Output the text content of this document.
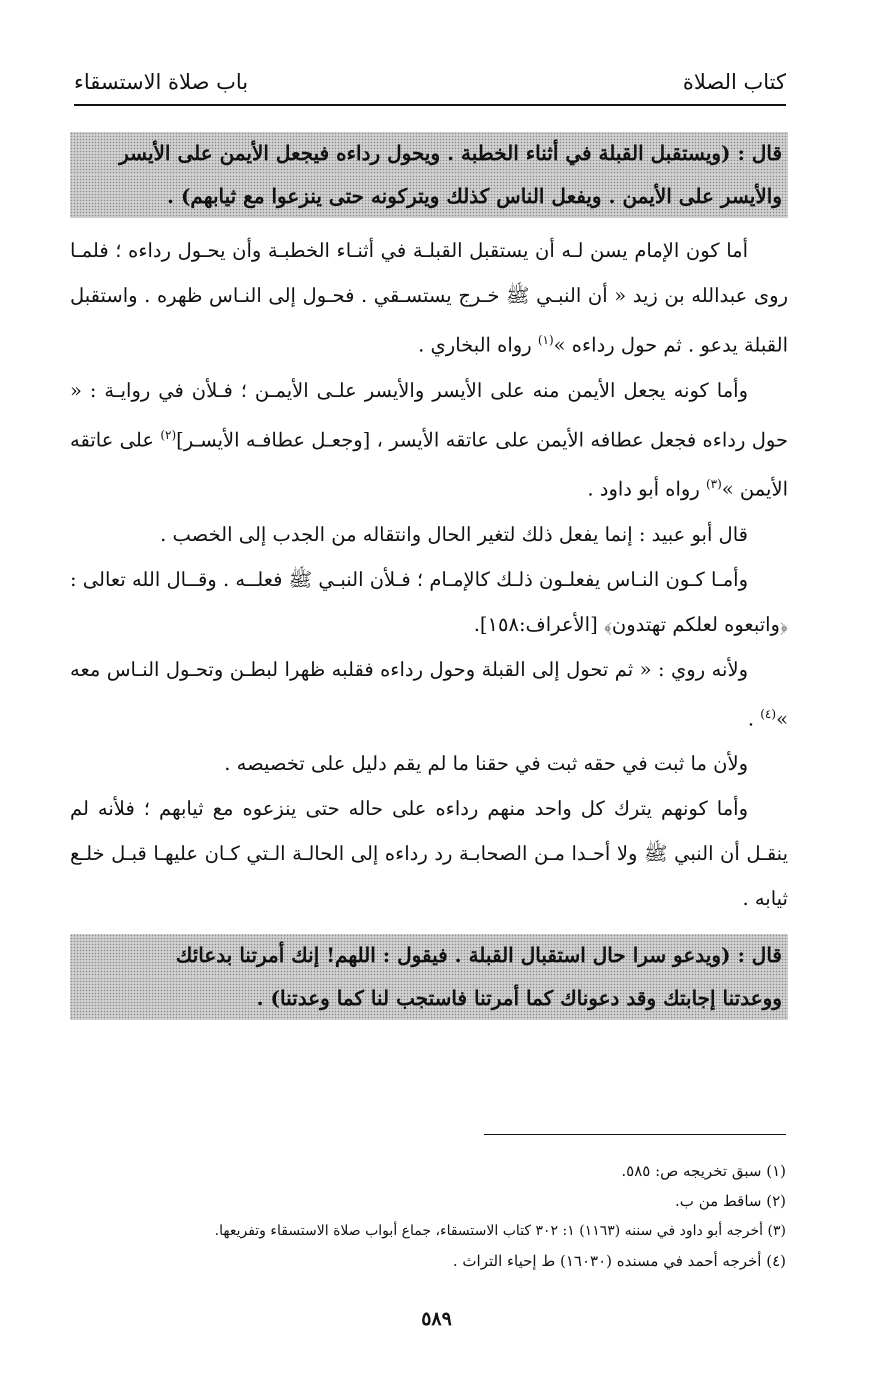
كتاب الصلاة
باب صلاة الاستسقاء
قال : (ويستقبل القبلة في أثناء الخطبة . ويحول رداءه فيجعل الأيمن على الأيسر
والأيسر على الأيمن . ويفعل الناس كذلك ويتركونه حتى ينزعوا مع ثيابهم) .

أما كون الإمام يسن لـه أن يستقبل القبلـة في أثنـاء الخطبـة وأن يحـول رداءه ؛ فلمـا روى عبدالله بن زيد « أن النبـي ﷺ خـرج يستسـقي . فحـول إلى النـاس ظهره . واستقبل القبلة يدعو . ثم حول رداءه »$^{(١)}$ رواه البخاري .

وأما كونه يجعل الأيمن منه على الأيسر والأيسر علـى الأيمـن ؛ فـلأن في روايـة : « حول رداءه فجعل عطافه الأيمن على عاتقه الأيسر ، [وجعـل عطافـه الأيسـر]$^{(٢)}$ على عاتقه الأيمن »$^{(٣)}$ رواه أبو داود .

قال أبو عبيد : إنما يفعل ذلك لتغير الحال وانتقاله من الجدب إلى الخصب .

وأمـا كـون النـاس يفعلـون ذلـك كالإمـام ؛ فـلأن النبـي ﷺ فعلــه . وقــال الله تعالى : ﴿واتبعوه لعلكم تهتدون﴾ [الأعراف:١٥٨].

ولأنه روي : « ثم تحول إلى القبلة وحول رداءه فقلبه ظهرا لبطـن وتحـول النـاس معه »$^{(٤)}$ .

ولأن ما ثبت في حقه ثبت في حقنا ما لم يقم دليل على تخصيصه .

وأما كونهم يترك كل واحد منهم رداءه على حاله حتى ينزعوه مع ثيابهم ؛ فلأنه لم ينقـل أن النبي ﷺ ولا أحـدا مـن الصحابـة رد رداءه إلى الحالـة الـتي كـان عليهـا قبـل خلـع ثيابه .

قال : (ويدعو سرا حال استقبال القبلة . فيقول : اللهم! إنك أمرتنا بدعائك
ووعدتنا إجابتك وقد دعوناك كما أمرتنا فاستجب لنا كما وعدتنا) .
(١) سبق تخريجه ص: ٥٨٥.
(٢) ساقط من ب.
(٣) أخرجه أبو داود في سننه (١١٦٣) ١: ٣٠٢ كتاب الاستسقاء، جماع أبواب صلاة الاستسقاء وتفريعها.
(٤) أخرجه أحمد في مسنده (١٦٠٣٠) ط إحياء التراث .
٥٨٩
